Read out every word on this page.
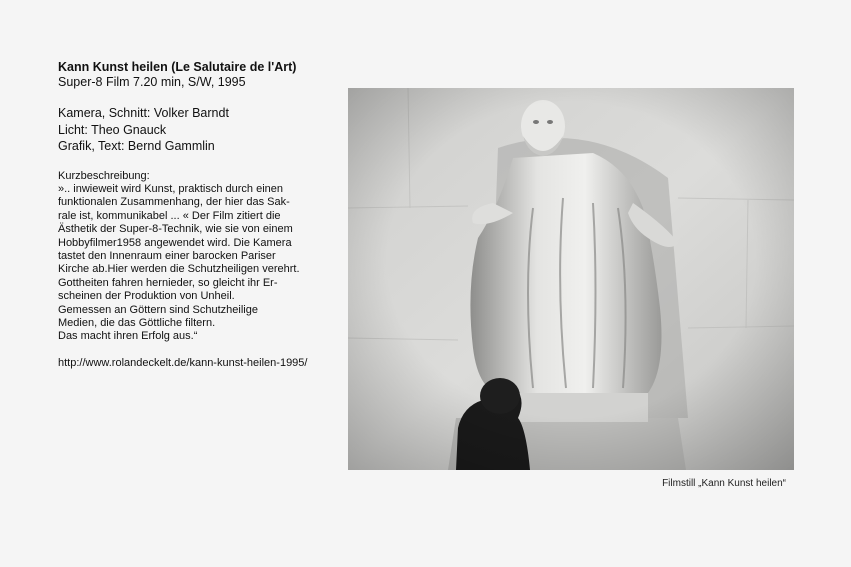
Kann Kunst heilen (Le Salutaire de l'Art)
Super-8 Film 7.20 min, S/W, 1995
Kamera, Schnitt: Volker Barndt
Licht: Theo Gnauck
Grafik, Text: Bernd Gammlin
Kurzbeschreibung:
».. inwieweit wird Kunst, praktisch durch einen
funktionalen Zusammenhang, der hier das Sak-
rale ist, kommunikabel ... « Der Film zitiert die
Ästhetik der Super-8-Technik, wie sie von einem
Hobbyfilmer1958 angewendet wird. Die Kamera
tastet den Innenraum einer barocken Pariser
Kirche ab.Hier werden die Schutzheiligen verehrt.
Gottheiten fahren hernieder, so gleicht ihr Er-
scheinen der Produktion von Unheil.
Gemessen an Göttern sind Schutzheilige
Medien, die das Göttliche filtern.
Das macht ihren Erfolg aus.“
http://www.rolandeckelt.de/kann-kunst-heilen-1995/
Filmstill „Kann Kunst heilen“
